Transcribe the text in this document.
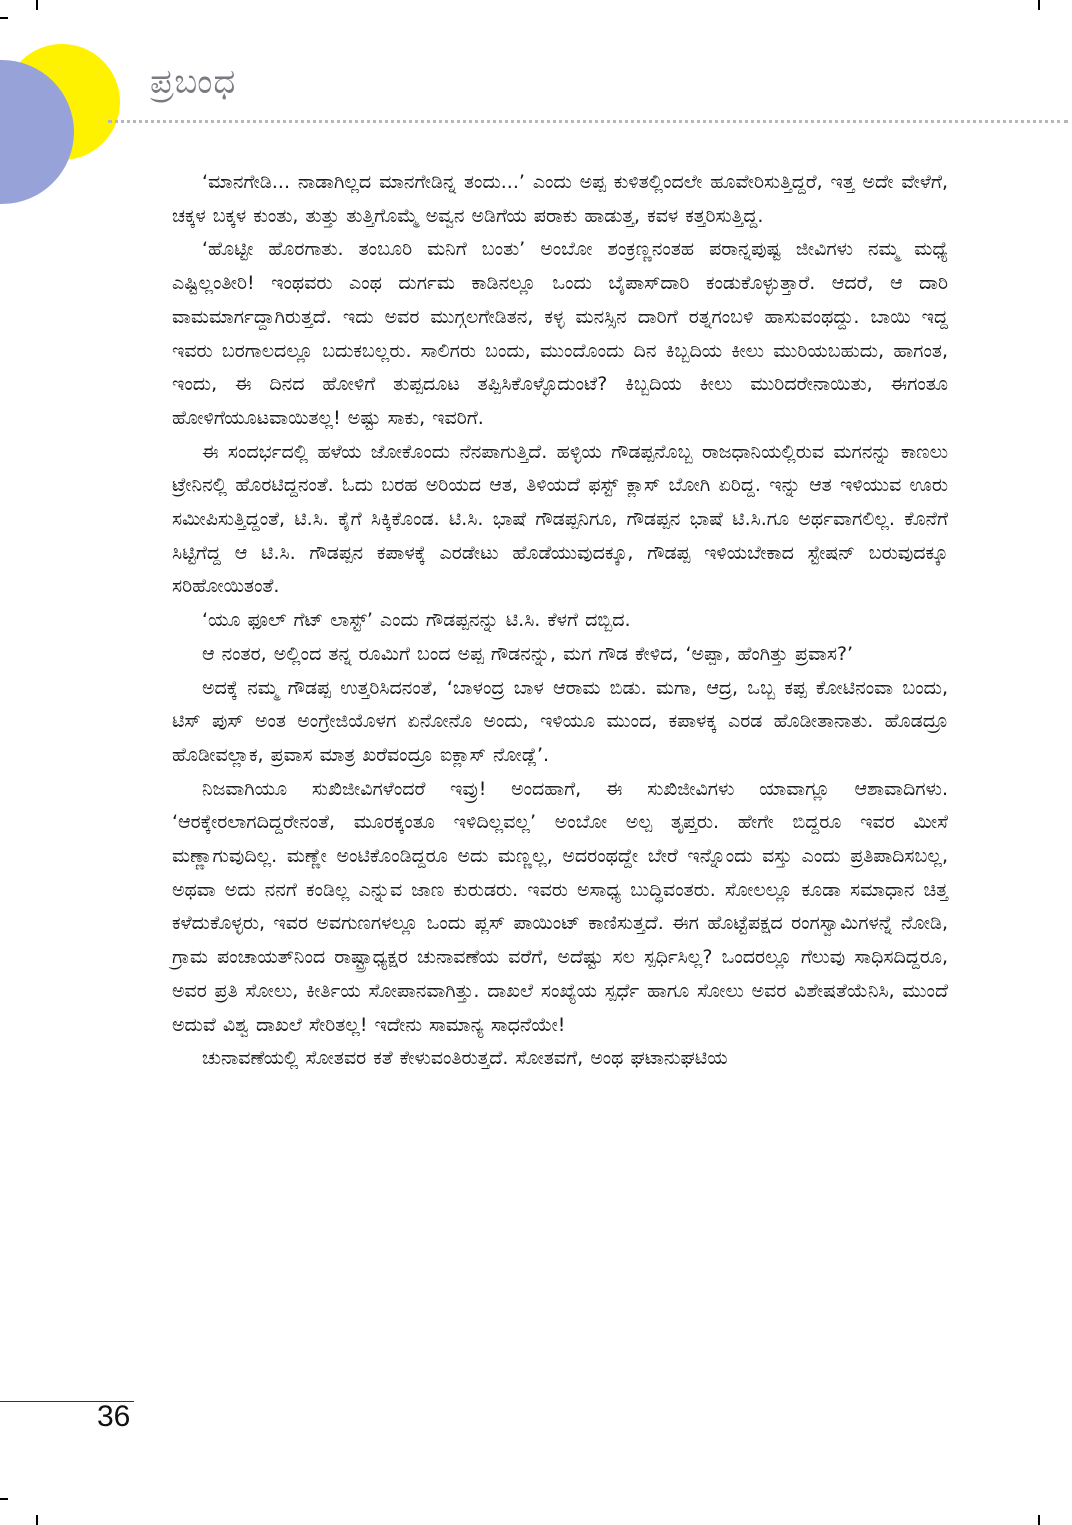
ಪ್ರಬಂಧ

‘ಮಾನಗೇಡಿ... ನಾಡಾಗಿಲ್ಲದ ಮಾನಗೇಡಿನ್ನ ತಂದು...’ ಎಂದು ಅಪ್ಪ ಕುಳಿತಲ್ಲಿಂದಲೇ ಹೂವೇರಿಸುತ್ತಿದ್ದರೆ, ಇತ್ತ ಅದೇ ವೇಳೆಗೆ, ಚಕ್ಕಳ ಬಕ್ಕಳ ಕುಂತು, ತುತ್ತು ತುತ್ತಿಗೊಮ್ಮೆ ಅವ್ವನ ಅಡಿಗೆಯ ಪರಾಕು ಹಾಡುತ್ತ, ಕವಳ ಕತ್ತರಿಸುತ್ತಿದ್ದ.

‘ಹೊಟ್ಟೀ ಹೊರಗಾತು. ತಂಬೂರಿ ಮನಿಗೆ ಬಂತು’ ಅಂಬೋ ಶಂಕ್ರಣ್ಣನಂತಹ ಪರಾನ್ನಪುಷ್ಟ ಜೀವಿಗಳು ನಮ್ಮ ಮಧ್ಯೆ ಎಷ್ಟಿಲ್ಲಂತೀರಿ! ಇಂಥವರು ಎಂಥ ದುರ್ಗಮ ಕಾಡಿನಲ್ಲೂ ಒಂದು ಬೈಪಾಸ್‌ದಾರಿ ಕಂಡುಕೊಳ್ಳುತ್ತಾರೆ. ಆದರೆ, ಆ ದಾರಿ ವಾಮಮಾರ್ಗದ್ದಾಗಿರುತ್ತದೆ. ಇದು ಅವರ ಮುಗ್ಗಲಗೇಡಿತನ, ಕಳ್ಳ ಮನಸ್ಸಿನ ದಾರಿಗೆ ರತ್ನಗಂಬಳಿ ಹಾಸುವಂಥದ್ದು. ಬಾಯಿ ಇದ್ದ ಇವರು ಬರಗಾಲದಲ್ಲೂ ಬದುಕಬಲ್ಲರು. ಸಾಲಿಗರು ಬಂದು, ಮುಂದೊಂದು ದಿನ ಕಿಬ್ಬದಿಯ ಕೀಲು ಮುರಿಯಬಹುದು, ಹಾಗಂತ, ಇಂದು, ಈ ದಿನದ ಹೋಳಿಗೆ ತುಪ್ಪದೂಟ ತಪ್ಪಿಸಿಕೊಳ್ಳೊದುಂಟೆ? ಕಿಬ್ಬದಿಯ ಕೀಲು ಮುರಿದರೇನಾಯಿತು, ಈಗಂತೂ ಹೋಳಿಗೆಯೂಟವಾಯಿತಲ್ಲ! ಅಷ್ಟು ಸಾಕು, ಇವರಿಗೆ.

ಈ ಸಂದರ್ಭದಲ್ಲಿ ಹಳೆಯ ಜೋಕೊಂದು ನೆನಪಾಗುತ್ತಿದೆ. ಹಳ್ಳಿಯ ಗೌಡಪ್ಪನೊಬ್ಬ ರಾಜಧಾನಿಯಲ್ಲಿರುವ ಮಗನನ್ನು ಕಾಣಲು ಟ್ರೇನಿನಲ್ಲಿ ಹೊರಟಿದ್ದನಂತೆ. ಓದು ಬರಹ ಅರಿಯದ ಆತ, ತಿಳಿಯದೆ ಫಸ್ಟ್ ಕ್ಲಾಸ್ ಬೋಗಿ ಏರಿದ್ದ. ಇನ್ನು ಆತ ಇಳಿಯುವ ಊರು ಸಮೀಪಿಸುತ್ತಿದ್ದಂತೆ, ಟಿ.ಸಿ. ಕೈಗೆ ಸಿಕ್ಕಿಕೊಂಡ. ಟಿ.ಸಿ. ಭಾಷೆ ಗೌಡಪ್ಪನಿಗೂ, ಗೌಡಪ್ಪನ ಭಾಷೆ ಟಿ.ಸಿ.ಗೂ ಅರ್ಥವಾಗಲಿಲ್ಲ. ಕೊನೆಗೆ ಸಿಟ್ಟಿಗೆದ್ದ ಆ ಟಿ.ಸಿ. ಗೌಡಪ್ಪನ ಕಪಾಳಕ್ಕೆ ಎರಡೇಟು ಹೊಡೆಯುವುದಕ್ಕೂ, ಗೌಡಪ್ಪ ಇಳಿಯಬೇಕಾದ ಸ್ಟೇಷನ್ ಬರುವುದಕ್ಕೂ ಸರಿಹೋಯಿತಂತೆ.

‘ಯೂ ಫೂಲ್ ಗೆಟ್ ಲಾಸ್ಟ್’ ಎಂದು ಗೌಡಪ್ಪನನ್ನು ಟಿ.ಸಿ. ಕೆಳಗೆ ದಬ್ಬಿದ.

ಆ ನಂತರ, ಅಲ್ಲಿಂದ ತನ್ನ ರೂಮಿಗೆ ಬಂದ ಅಪ್ಪ ಗೌಡನನ್ನು, ಮಗ ಗೌಡ ಕೇಳಿದ, ‘ಅಪ್ಪಾ, ಹೆಂಗಿತ್ತು ಪ್ರವಾಸ?’

ಅದಕ್ಕೆ ನಮ್ಮ ಗೌಡಪ್ಪ ಉತ್ತರಿಸಿದನಂತೆ, ‘ಬಾಳಂದ್ರ ಬಾಳ ಆರಾಮ ಬಿಡು. ಮಗಾ, ಆದ್ರ, ಒಬ್ಬ ಕಪ್ಪ ಕೋಟಿನಂವಾ ಬಂದು, ಟಿಸ್ ಪುಸ್ ಅಂತ ಅಂಗ್ರೇಜಿಯೊಳಗ ಏನೋನೊ ಅಂದು, ಇಳಿಯೂ ಮುಂದ, ಕಪಾಳಕ್ಕ ಎರಡ ಹೊಡೀತಾನಾತು. ಹೊಡದ್ರೂ ಹೊಡೀವಲ್ಲಾಕ, ಪ್ರವಾಸ ಮಾತ್ರ ಖರೆವಂದ್ರೂ ಐಕ್ಲಾಸ್ ನೋಡ್ಲೆ’.

ನಿಜವಾಗಿಯೂ ಸುಖಿಜೀವಿಗಳೆಂದರೆ ಇವ್ರು! ಅಂದಹಾಗೆ, ಈ ಸುಖಿಜೀವಿಗಳು ಯಾವಾಗ್ಲೂ ಆಶಾವಾದಿಗಳು. ‘ಆರಕ್ಕೇರಲಾಗದಿದ್ದರೇನಂತೆ, ಮೂರಕ್ಕಂತೂ ಇಳಿದಿಲ್ಲವಲ್ಲ’ ಅಂಬೋ ಅಲ್ಪ ತೃಪ್ತರು. ಹೇಗೇ ಬಿದ್ದರೂ ಇವರ ಮೀಸೆ ಮಣ್ಣಾಗುವುದಿಲ್ಲ. ಮಣ್ಣೇ ಅಂಟಿಕೊಂಡಿದ್ದರೂ ಅದು ಮಣ್ಣಲ್ಲ, ಅದರಂಥದ್ದೇ ಬೇರೆ ಇನ್ನೊಂದು ವಸ್ತು ಎಂದು ಪ್ರತಿಪಾದಿಸಬಲ್ಲ, ಅಥವಾ ಅದು ನನಗೆ ಕಂಡಿಲ್ಲ ಎನ್ನುವ ಜಾಣ ಕುರುಡರು. ಇವರು ಅಸಾಧ್ಯ ಬುದ್ಧಿವಂತರು. ಸೋಲಲ್ಲೂ ಕೂಡಾ ಸಮಾಧಾನ ಚಿತ್ತ ಕಳೆದುಕೊಳ್ಳರು, ಇವರ ಅವಗುಣಗಳಲ್ಲೂ ಒಂದು ಪ್ಲಸ್ ಪಾಯಿಂಟ್ ಕಾಣಿಸುತ್ತದೆ. ಈಗ ಹೊಟ್ಟೆಪಕ್ಷದ ರಂಗಸ್ವಾಮಿಗಳನ್ನೆ ನೋಡಿ, ಗ್ರಾಮ ಪಂಚಾಯತ್‌ನಿಂದ ರಾಷ್ಟ್ರಾಧ್ಯಕ್ಷರ ಚುನಾವಣೆಯ ವರೆಗೆ, ಅದೆಷ್ಟು ಸಲ ಸ್ಪರ್ಧಿಸಿಲ್ಲ? ಒಂದರಲ್ಲೂ ಗೆಲುವು ಸಾಧಿಸದಿದ್ದರೂ, ಅವರ ಪ್ರತಿ ಸೋಲು, ಕೀರ್ತಿಯ ಸೋಪಾನವಾಗಿತ್ತು. ದಾಖಲೆ ಸಂಖ್ಯೆಯ ಸ್ಪರ್ಧೆ ಹಾಗೂ ಸೋಲು ಅವರ ವಿಶೇಷತೆಯೆನಿಸಿ, ಮುಂದೆ ಅದುವೆ ವಿಶ್ವ ದಾಖಲೆ ಸೇರಿತಲ್ಲ! ಇದೇನು ಸಾಮಾನ್ಯ ಸಾಧನೆಯೇ!

ಚುನಾವಣೆಯಲ್ಲಿ ಸೋತವರ ಕತೆ ಕೇಳುವಂತಿರುತ್ತದೆ. ಸೋತವಗೆ, ಅಂಥ ಘಟಾನುಘಟಿಯ

36
